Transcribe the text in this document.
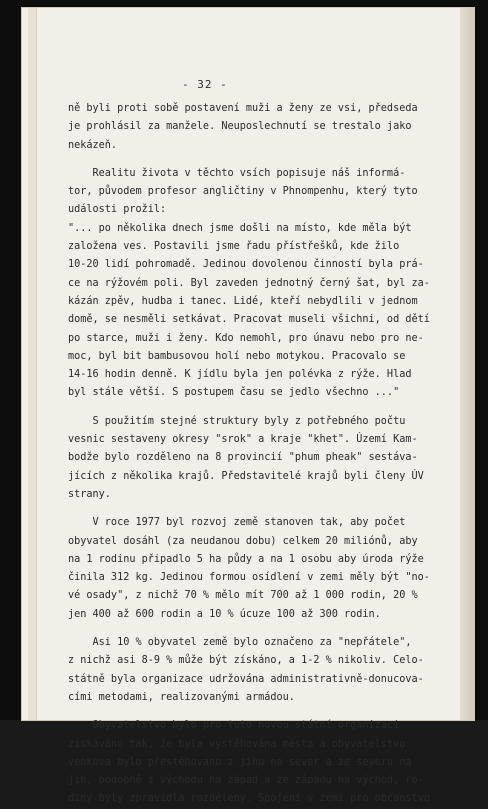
- 32 -
ně byli proti sobě postavení muži a ženy ze vsi, předseda
je prohlásil za manžele. Neuposlechnutí se trestalo jako
nekázeň.
Realitu života v těchto vsích popisuje náš informá-
tor, původem profesor angličtiny v Phnompenhu, který tyto
události prožil:
"... po několika dnech jsme došli na místo, kde měla být
založena ves. Postavili jsme řadu přístřešků, kde žilo
10-20 lidí pohromadě. Jedinou dovolenou činností byla prá-
ce na rýžovém poli. Byl zaveden jednotný černý šat, byl za-
kázán zpěv, hudba i tanec. Lidé, kteří nebydlili v jednom
domě, se nesměli setkávat. Pracovat museli všichni, od dětí
po starce, muži i ženy. Kdo nemohl, pro únavu nebo pro ne-
moc, byl bit bambusovou holí nebo motykou. Pracovalo se
14-16 hodin denně. K jídlu byla jen polévka z rýže. Hlad
byl stále větší. S postupem času se jedlo všechno ..."
S použitím stejné struktury byly z potřebného počtu
vesnic sestaveny okresy "srok" a kraje "khet". Území Kam-
bodže bylo rozděleno na 8 provincií "phum pheak" sestáva-
jících z několika krajů. Představitelé krajů byli členy ÚV
strany.
V roce 1977 byl rozvoj země stanoven tak, aby počet
obyvatel dosáhl (za neudanou dobu) celkem 20 miliónů, aby
na 1 rodinu připadlo 5 ha půdy a na 1 osobu aby úroda rýže
činila 312 kg. Jedinou formou osídlení v zemi měly být "no-
vé osady", z nichž 70 % mělo mít 700 až 1 000 rodin, 20 %
jen 400 až 600 rodin a 10 % úcuze 100 až 300 rodin.
Asi 10 % obyvatel země bylo označeno za "nepřátele",
z nichž asi 8-9 % může být získáno, a 1-2 % nikoliv. Celo-
státně byla organizace udržována administrativně-donucova-
cími metodami, realizovanými armádou.
Obyvatelstvo bylo pro tuto novou státní organizaci
získáváno tak, že byla vystěhována města a obyvatelstvo
venkova bylo přestěhováno z jihu na sever a ze severu na
jih, podobně z východu na západ a ze západu na východ, ro-
diny byly zpravidla rozděleny. Spojení v zemi pro občanstvo
